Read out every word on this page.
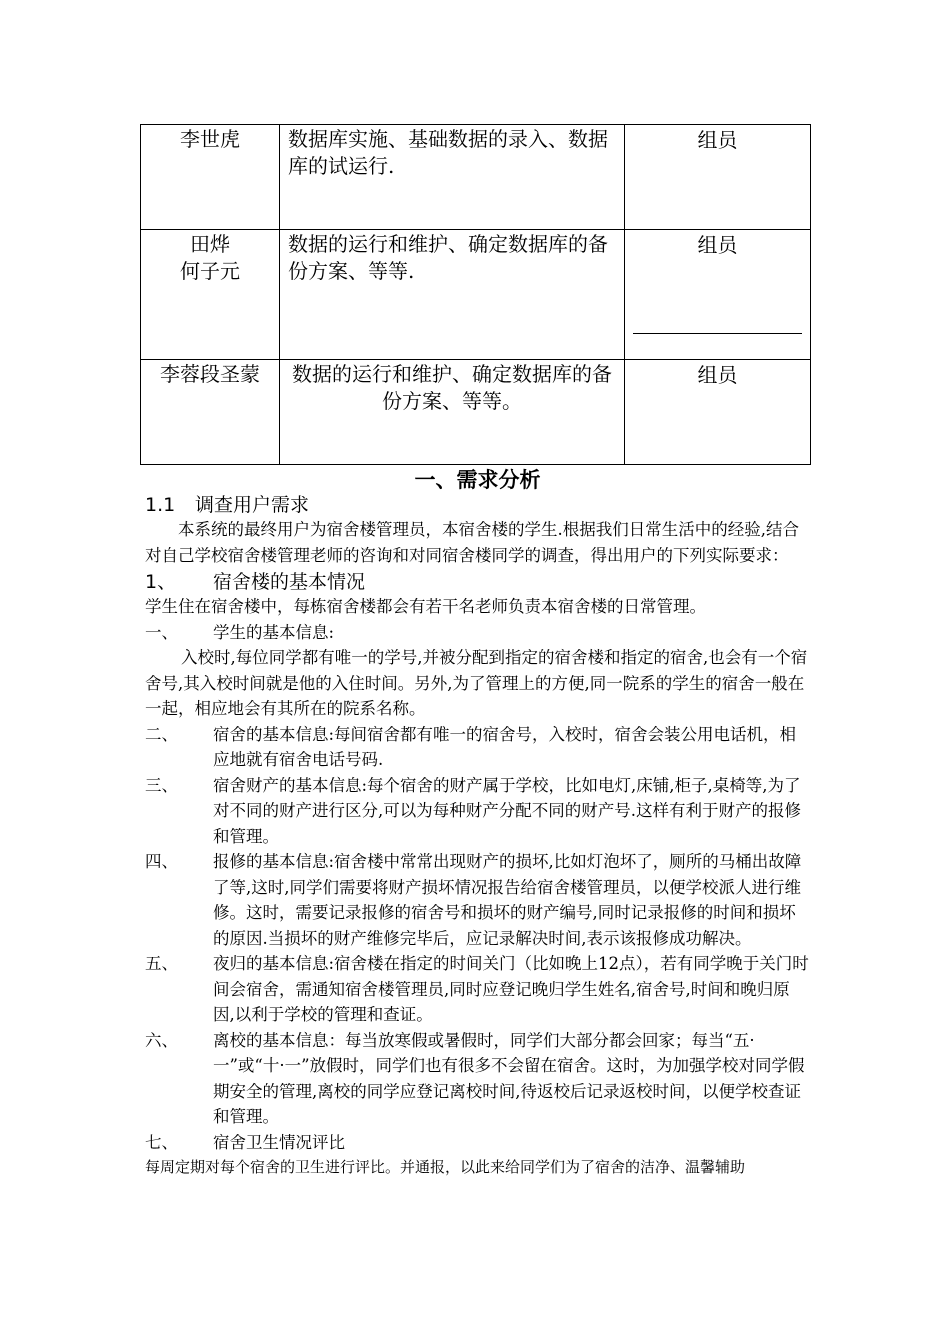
李世虎	数据库实施、基础数据的录入、数据库的试运行.	组员

田烨
何子元	数据的运行和维护、确定数据库的备份方案、等等.	组员

李蓉段圣蒙	数据的运行和维护、确定数据库的备份方案、等等。	组员

一、需求分析

1.1 调查用户需求

本系统的最终用户为宿舍楼管理员，本宿舍楼的学生.根据我们日常生活中的经验,结合对自己学校宿舍楼管理老师的咨询和对同宿舍楼同学的调查，得出用户的下列实际要求：

1、 宿舍楼的基本情况

学生住在宿舍楼中，每栋宿舍楼都会有若干名老师负责本宿舍楼的日常管理。

一、	学生的基本信息:

入校时,每位同学都有唯一的学号,并被分配到指定的宿舍楼和指定的宿舍,也会有一个宿舍号,其入校时间就是他的入住时间。另外,为了管理上的方便,同一院系的学生的宿舍一般在一起，相应地会有其所在的院系名称。

二、	宿舍的基本信息:每间宿舍都有唯一的宿舍号，入校时，宿舍会装公用电话机，相应地就有宿舍电话号码.
三、	宿舍财产的基本信息:每个宿舍的财产属于学校，比如电灯,床铺,柜子,桌椅等,为了对不同的财产进行区分,可以为每种财产分配不同的财产号.这样有利于财产的报修和管理。
四、	报修的基本信息:宿舍楼中常常出现财产的损坏,比如灯泡坏了，厕所的马桶出故障了等,这时,同学们需要将财产损坏情况报告给宿舍楼管理员，以便学校派人进行维修。这时，需要记录报修的宿舍号和损坏的财产编号,同时记录报修的时间和损坏的原因.当损坏的财产维修完毕后，应记录解决时间,表示该报修成功解决。
五、	夜归的基本信息:宿舍楼在指定的时间关门（比如晚上12点），若有同学晚于关门时间会宿舍，需通知宿舍楼管理员,同时应登记晚归学生姓名,宿舍号,时间和晚归原因,以利于学校的管理和查证。
六、	离校的基本信息：每当放寒假或暑假时，同学们大部分都会回家；每当“五·一”或“十·一”放假时，同学们也有很多不会留在宿舍。这时，为加强学校对同学假期安全的管理,离校的同学应登记离校时间,待返校后记录返校时间，以便学校查证和管理。
七、	宿舍卫生情况评比

每周定期对每个宿舍的卫生进行评比。并通报，以此来给同学们为了宿舍的洁净、温馨辅助
